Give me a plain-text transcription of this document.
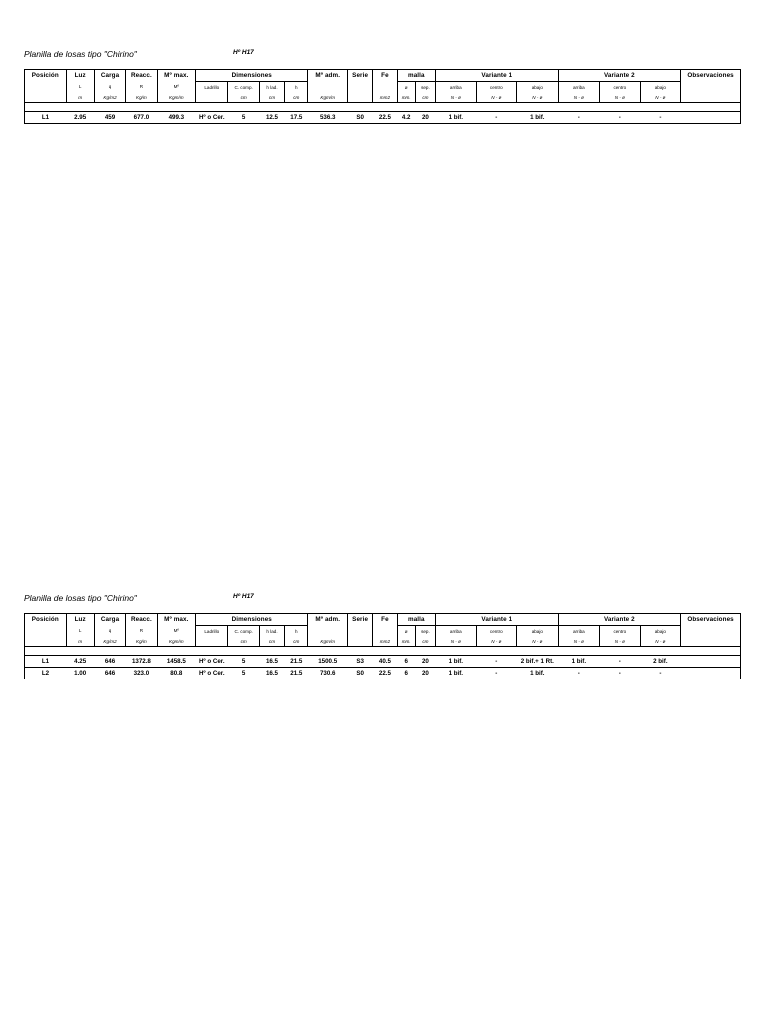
Planilla de losas tipo "Chirino"	Hº H17
Posición	Luz	Carga	Reacc.	Mº max.	Dimensiones				Mº adm.	Serie	Fe	malla		Variante 1			Variante 2			Observaciones
	L	q	R	Mº	Ladrillo	C. comp.	h lad.	h				ø	sep.	arriba	centro	abajo	arriba	centro	abajo	
	m	Kg/m2	Kg/m	Kgm/m		cm	cm	cm	Kgm/m		mm2	mm.	cm	N - ø	N - ø	N - ø	N - ø	N - ø	N - ø	

L1	2.95	459	677.0	499.3	Hº o Cer.	5	12.5	17.5	536.3	S0	22.5	4.2	20	1 bif.	-	1 bif.	-	-	-	
Planilla de losas tipo "Chirino"	Hº H17
Posición	Luz	Carga	Reacc.	Mº max.	Dimensiones				Mº adm.	Serie	Fe	malla		Variante 1			Variante 2			Observaciones
	L	q	R	Mº	Ladrillo	C. comp.	h lad.	h				ø	sep.	arriba	centro	abajo	arriba	centro	abajo	
	m	Kg/m2	Kg/m	Kgm/m		cm	cm	cm	Kgm/m		mm2	mm.	cm	N - ø	N - ø	N - ø	N - ø	N - ø	N - ø	

L1	4.25	646	1372.8	1458.5	Hº o Cer.	5	16.5	21.5	1500.5	S3	40.5	6	20	1 bif.	-	2 bif.+ 1 Rt.	1 bif.	-	2 bif.	
L2	1.00	646	323.0	80.8	Hº o Cer.	5	16.5	21.5	730.6	S0	22.5	6	20	1 bif.	-	1 bif.	-	-	-	
